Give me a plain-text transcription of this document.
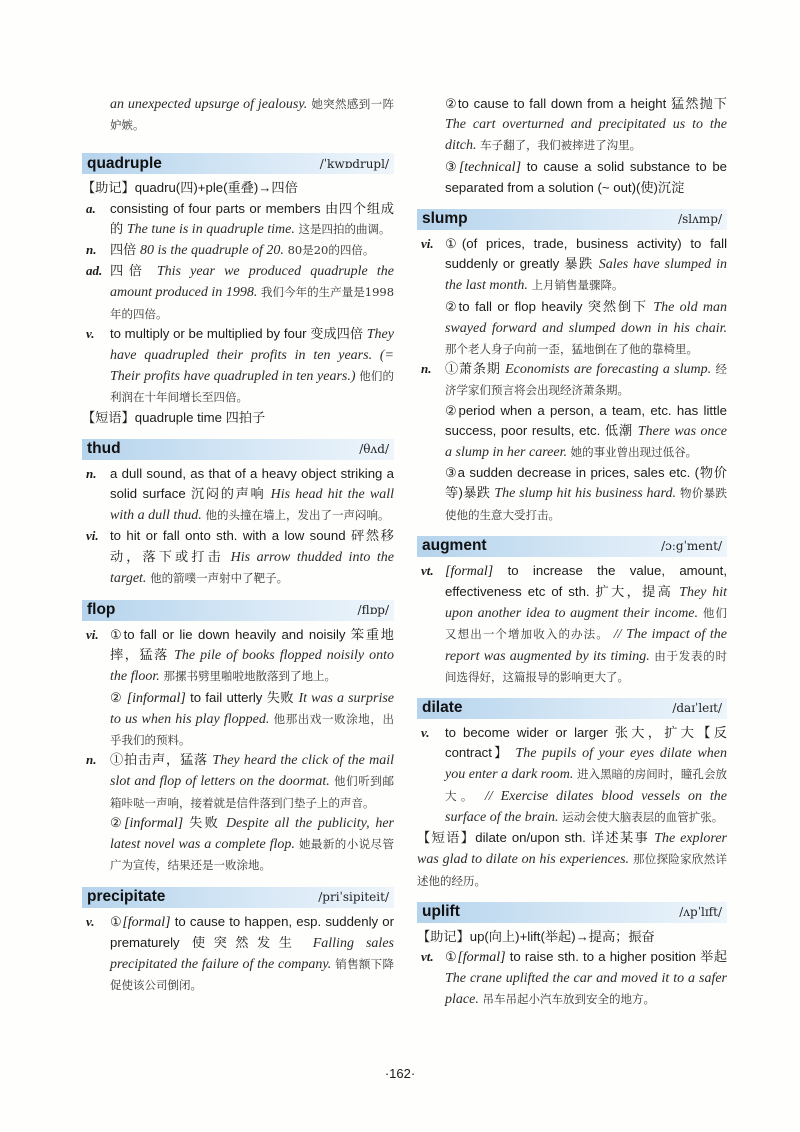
an unexpected upsurge of jealousy. 她突然感到一阵妒嫉。
quadruple	/ˈkwɒdrupl/
【助记】quadru(四)+ple(重叠)→四倍
a. consisting of four parts or members 由四个组成的 The tune is in quadruple time. 这是四拍的曲调。
n. 四倍 80 is the quadruple of 20. 80是20的四倍。
ad. 四倍 This year we produced quadruple the amount produced in 1998. 我们今年的生产量是1998年的四倍。
v. to multiply or be multiplied by four 变成四倍 They have quadrupled their profits in ten years. (= Their profits have quadrupled in ten years.) 他们的利润在十年间增长至四倍。
【短语】quadruple time 四拍子
thud	/θʌd/
n. a dull sound, as that of a heavy object striking a solid surface 沉闷的声响 His head hit the wall with a dull thud. 他的头撞在墙上，发出了一声闷响。
vi. to hit or fall onto sth. with a low sound 砰然移动，落下或打击 His arrow thudded into the target. 他的箭噗一声射中了靶子。
flop	/flɒp/
vi. ①to fall or lie down heavily and noisily 笨重地摔，猛落 The pile of books flopped noisily onto the floor. 那摞书劈里啪啦地散落到了地上。
② [informal] to fail utterly 失败 It was a surprise to us when his play flopped. 他那出戏一败涂地，出乎我们的预料。
n. ①拍击声，猛落 They heard the click of the mail slot and flop of letters on the doormat. 他们听到邮箱咔哒一声响，接着就是信件落到门垫子上的声音。
②[informal] 失败 Despite all the publicity, her latest novel was a complete flop. 她最新的小说尽管广为宣传，结果还是一败涂地。
precipitate	/priˈsipiteit/
v. ①[formal] to cause to happen, esp. suddenly or prematurely 使突然发生 Falling sales precipitated the failure of the company. 销售额下降促使该公司倒闭。
②to cause to fall down from a height 猛然抛下 The cart overturned and precipitated us to the ditch. 车子翻了，我们被摔进了沟里。
③[technical] to cause a solid substance to be separated from a solution (~ out)(使)沉淀
slump	/slʌmp/
vi. ①(of prices, trade, business activity) to fall suddenly or greatly 暴跌 Sales have slumped in the last month. 上月销售量骤降。
②to fall or flop heavily 突然倒下 The old man swayed forward and slumped down in his chair. 那个老人身子向前一歪，猛地倒在了他的靠椅里。
n. ①萧条期 Economists are forecasting a slump. 经济学家们预言将会出现经济萧条期。
②period when a person, a team, etc. has little success, poor results, etc. 低潮 There was once a slump in her career. 她的事业曾出现过低谷。
③a sudden decrease in prices, sales etc. (物价等)暴跌 The slump hit his business hard. 物价暴跌使他的生意大受打击。
augment	/ɔːgˈment/
vt. [formal] to increase the value, amount, effectiveness etc of sth. 扩大，提高 They hit upon another idea to augment their income. 他们又想出一个增加收入的办法。 // The impact of the report was augmented by its timing. 由于发表的时间选得好，这篇报导的影响更大了。
dilate	/daɪˈleɪt/
v. to become wider or larger 张大，扩大【反 contract】 The pupils of your eyes dilate when you enter a dark room. 进入黑暗的房间时，瞳孔会放大。 // Exercise dilates blood vessels on the surface of the brain. 运动会使大脑表层的血管扩张。
【短语】dilate on/upon sth. 详述某事 The explorer was glad to dilate on his experiences. 那位探险家欣然详述他的经历。
uplift	/ʌpˈlɪft/
【助记】up(向上)+lift(举起)→提高；振奋
vt. ①[formal] to raise sth. to a higher position 举起 The crane uplifted the car and moved it to a safer place. 吊车吊起小汽车放到安全的地方。
·162·
